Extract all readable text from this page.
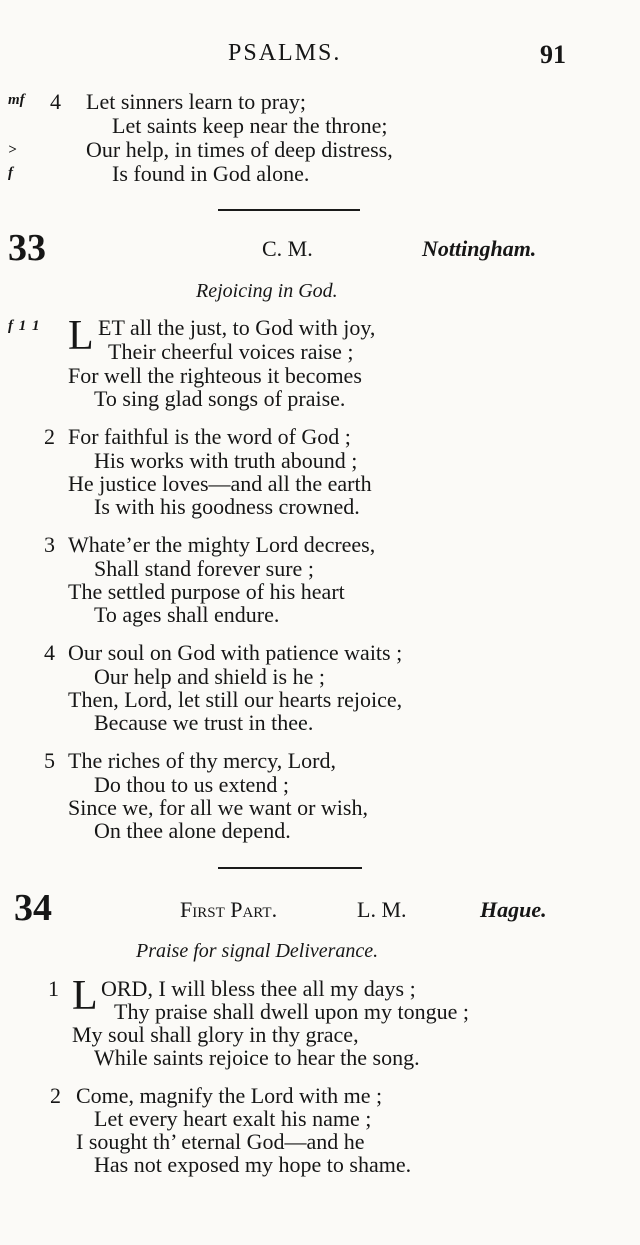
PSALMS.	91
mf
>
f
4 Let sinners learn to pray;
Let saints keep near the throne;
Our help, in times of deep distress,
Is found in God alone.
33	C. M.	Nottingham.
Rejoicing in God.
f 1 1 L ET all the just, to God with joy,
Their cheerful voices raise ;
For well the righteous it becomes
To sing glad songs of praise.
2 For faithful is the word of God ;
His works with truth abound ;
He justice loves—and all the earth
Is with his goodness crowned.
3 Whate’er the mighty Lord decrees,
Shall stand forever sure ;
The settled purpose of his heart
To ages shall endure.
4 Our soul on God with patience waits ;
Our help and shield is he ;
Then, Lord, let still our hearts rejoice,
Because we trust in thee.
5 The riches of thy mercy, Lord,
Do thou to us extend ;
Since we, for all we want or wish,
On thee alone depend.
34	First Part.	L. M.	Hague.
Praise for signal Deliverance.
1 L ORD, I will bless thee all my days ;
Thy praise shall dwell upon my tongue ;
My soul shall glory in thy grace,
While saints rejoice to hear the song.
2 Come, magnify the Lord with me ;
Let every heart exalt his name ;
I sought th’ eternal God—and he
Has not exposed my hope to shame.
